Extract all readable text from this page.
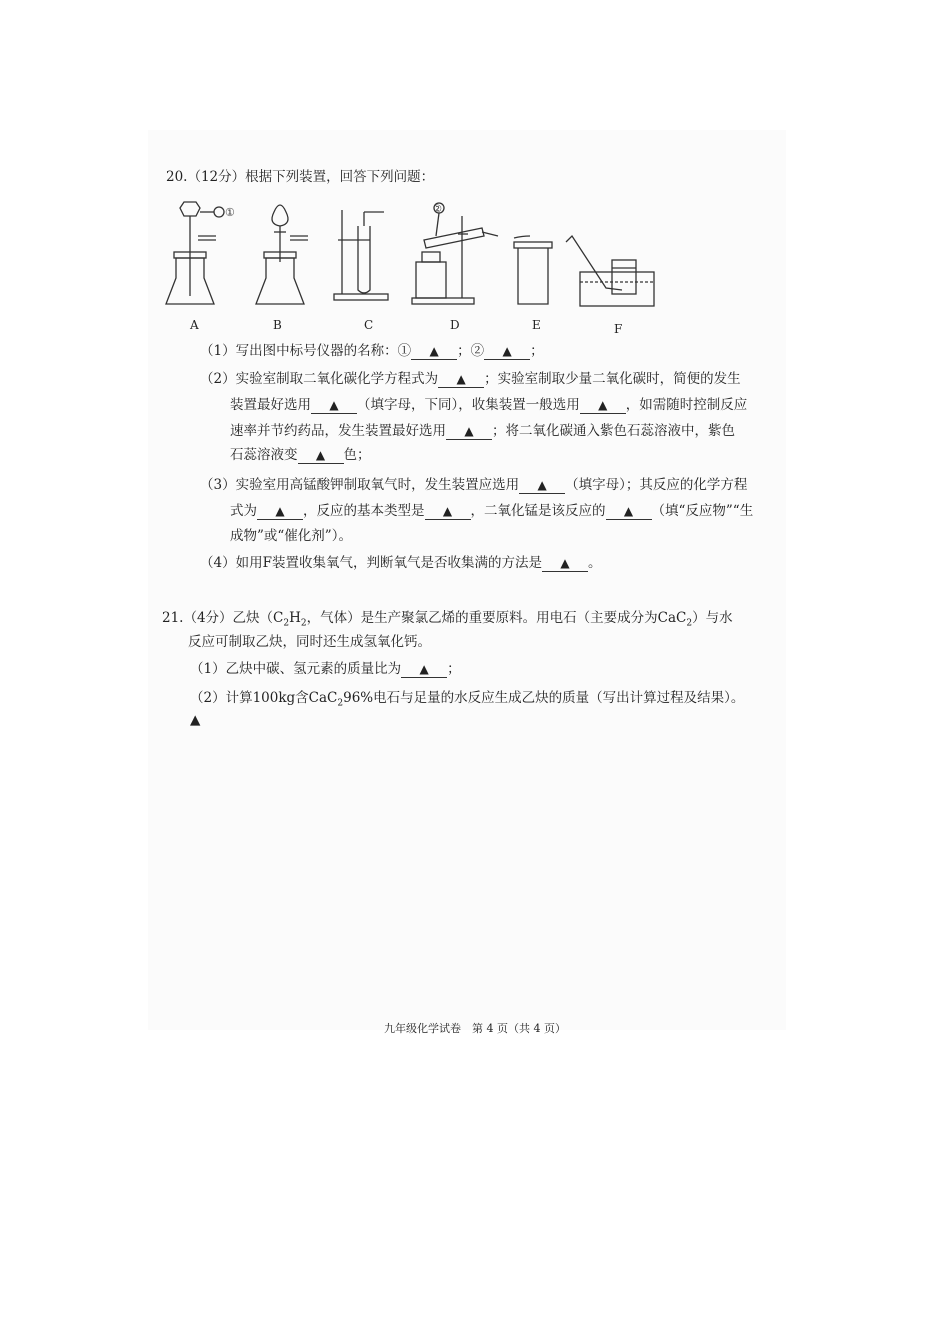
20.（12分）根据下列装置，回答下列问题：
①	②
A	B	C	D	E	F
（1）写出图中标号仪器的名称：① ▲ ；② ▲ ；
（2）实验室制取二氧化碳化学方程式为 ▲ ；实验室制取少量二氧化碳时，简便的发生
装置最好选用 ▲ （填字母，下同），收集装置一般选用 ▲ ，如需随时控制反应
速率并节约药品，发生装置最好选用 ▲ ；将二氧化碳通入紫色石蕊溶液中，紫色
石蕊溶液变 ▲ 色；
（3）实验室用高锰酸钾制取氧气时，发生装置应选用 ▲ （填字母）；其反应的化学方程
式为 ▲ ，反应的基本类型是 ▲ ，二氧化锰是该反应的 ▲ （填“反应物”“生
成物”或“催化剂”）。
（4）如用F装置收集氧气，判断氧气是否收集满的方法是 ▲ 。
21.（4分）乙炔（$C_2H_2$，气体）是生产聚氯乙烯的重要原料。用电石（主要成分为CaC$_2$）与水
反应可制取乙炔，同时还生成氢氧化钙。
（1）乙炔中碳、氢元素的质量比为 ▲ ；
（2）计算100kg含CaC$_2$96%电石与足量的水反应生成乙炔的质量（写出计算过程及结果）。
▲
九年级化学试卷　第 4 页（共 4 页）
